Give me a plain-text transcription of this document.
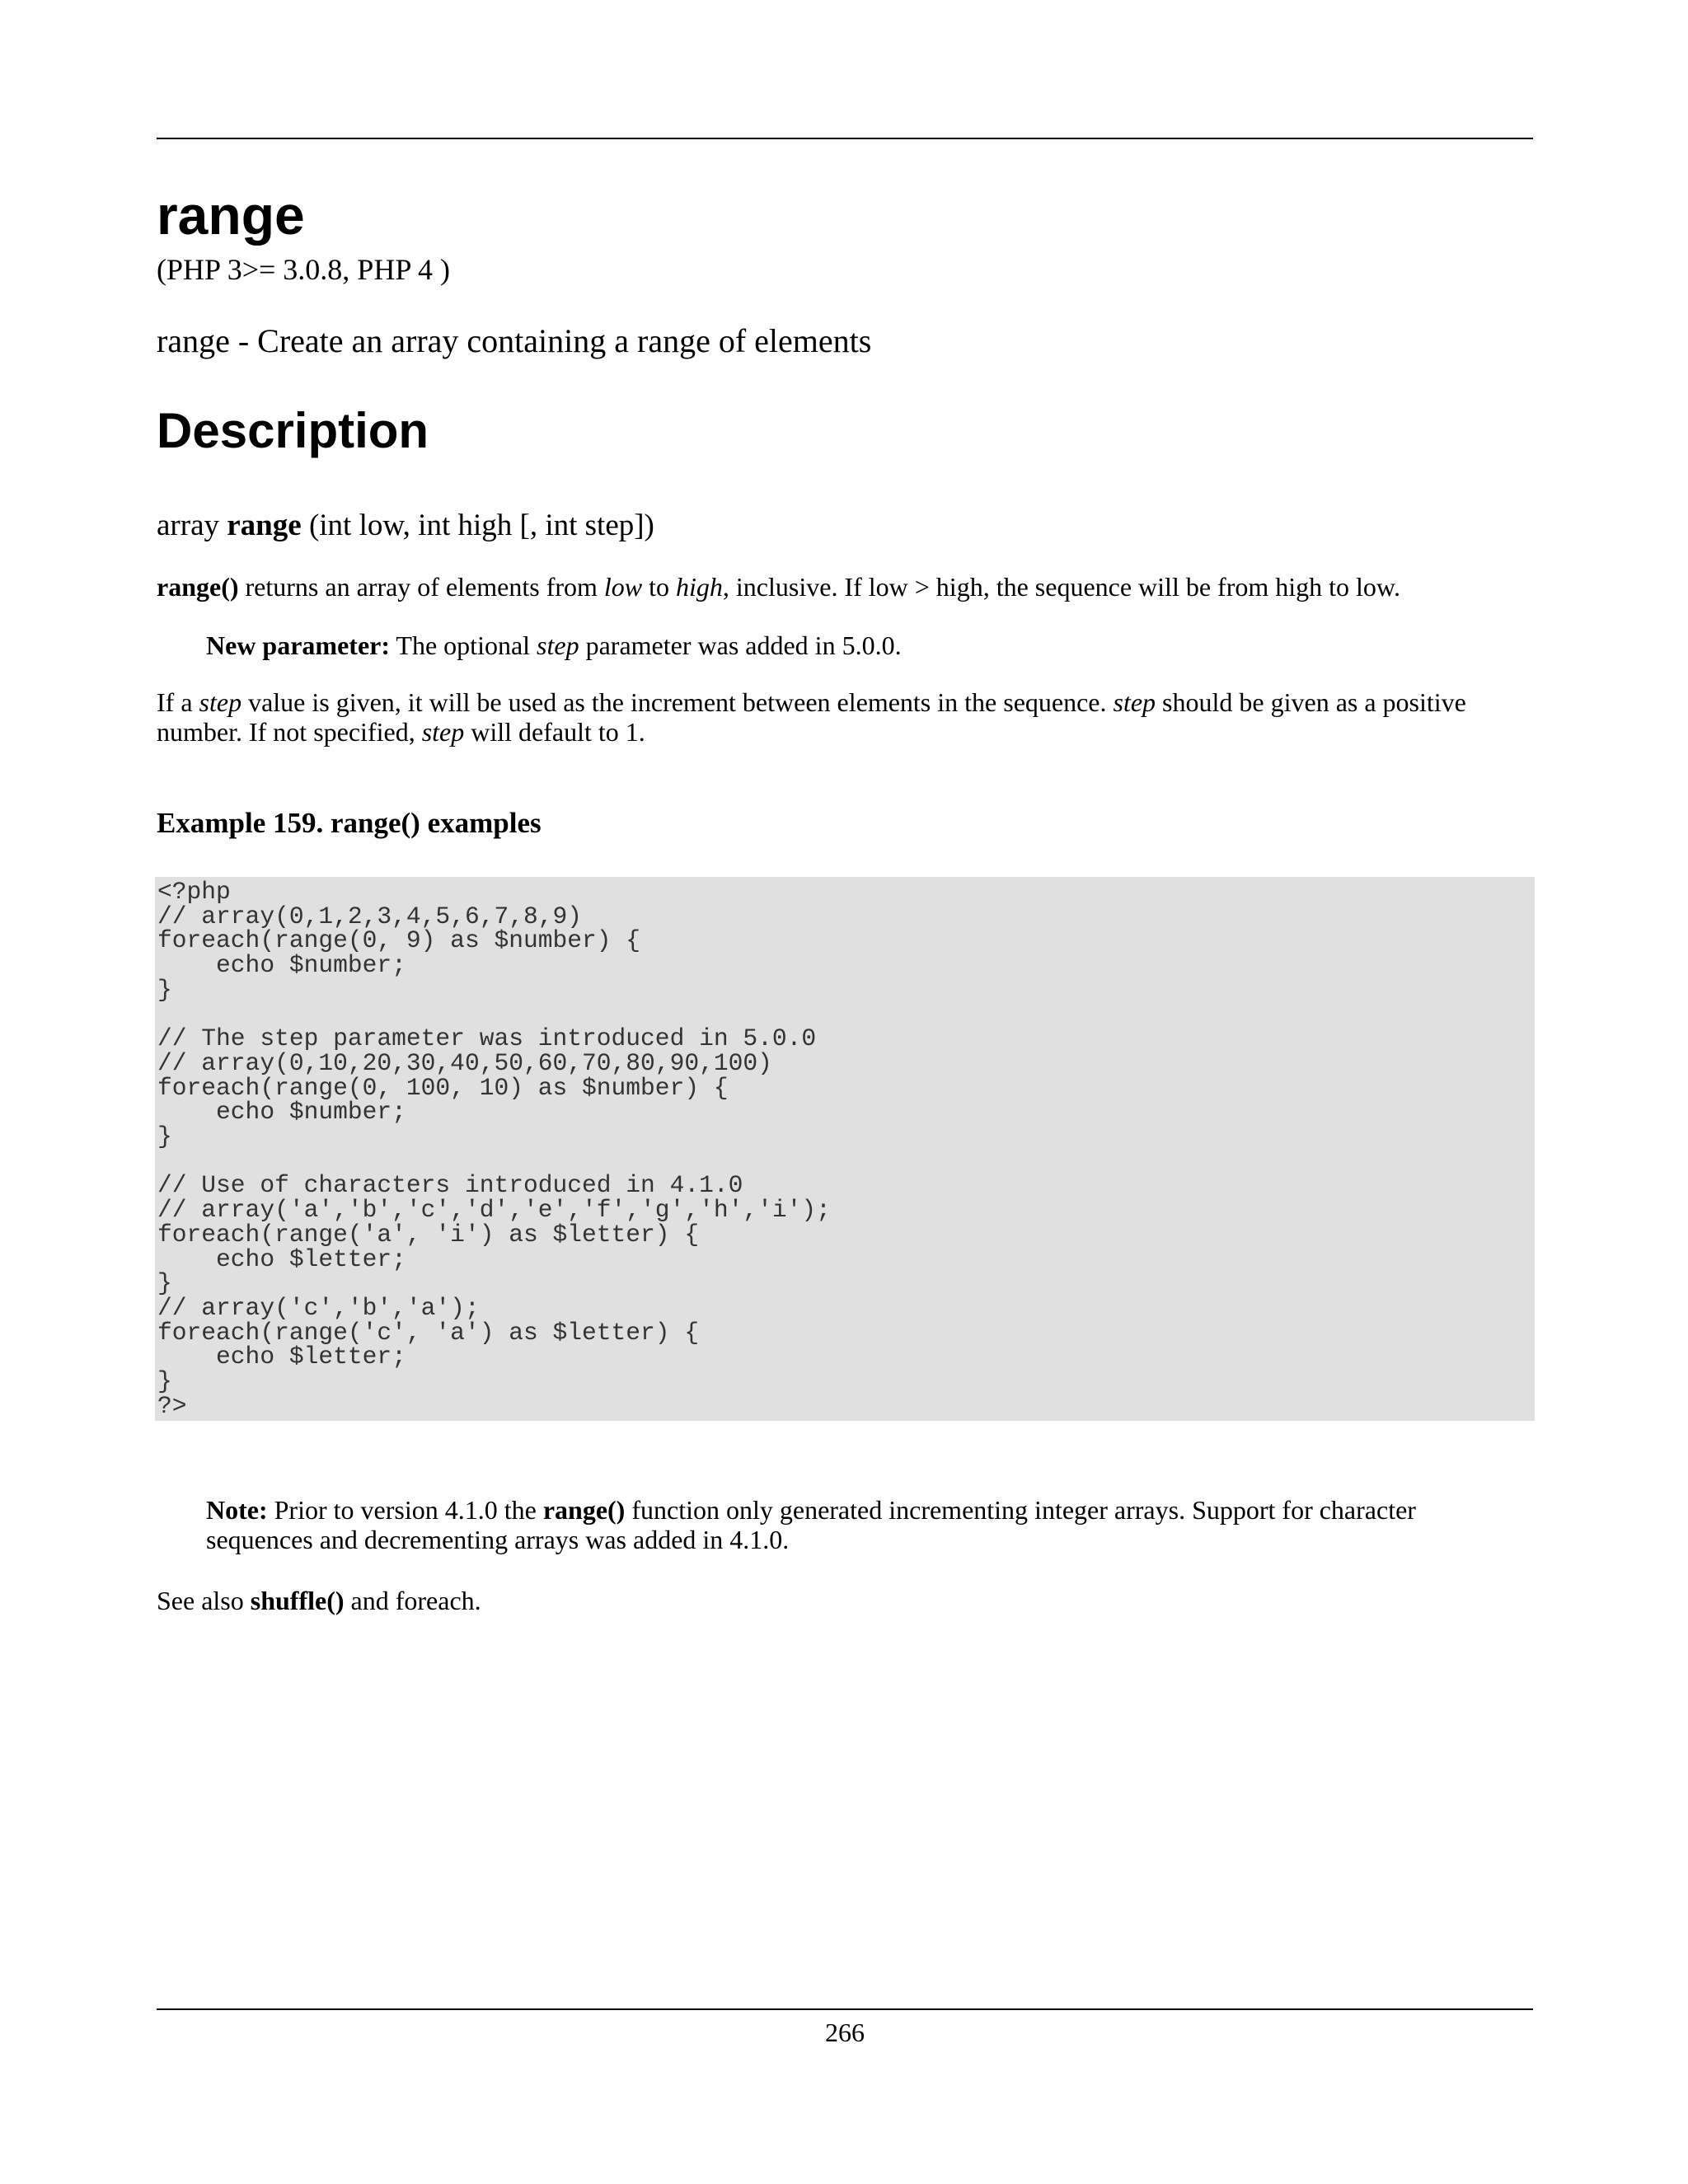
range
(PHP 3>= 3.0.8, PHP 4 )
range - Create an array containing a range of elements
Description
array range (int low, int high [, int step])
range() returns an array of elements from low to high, inclusive. If low > high, the sequence will be from high to low.
New parameter: The optional step parameter was added in 5.0.0.
If a step value is given, it will be used as the increment between elements in the sequence. step should be given as a positive number. If not specified, step will default to 1.
Example 159. range() examples
<?php
// array(0,1,2,3,4,5,6,7,8,9)
foreach(range(0, 9) as $number) {
echo $number;
}

// The step parameter was introduced in 5.0.0
// array(0,10,20,30,40,50,60,70,80,90,100)
foreach(range(0, 100, 10) as $number) {
echo $number;
}

// Use of characters introduced in 4.1.0
// array('a','b','c','d','e','f','g','h','i');
foreach(range('a', 'i') as $letter) {
echo $letter;
}
// array('c','b','a');
foreach(range('c', 'a') as $letter) {
echo $letter;
}
?>
Note: Prior to version 4.1.0 the range() function only generated incrementing integer arrays. Support for character sequences and decrementing arrays was added in 4.1.0.
See also shuffle() and foreach.
266
